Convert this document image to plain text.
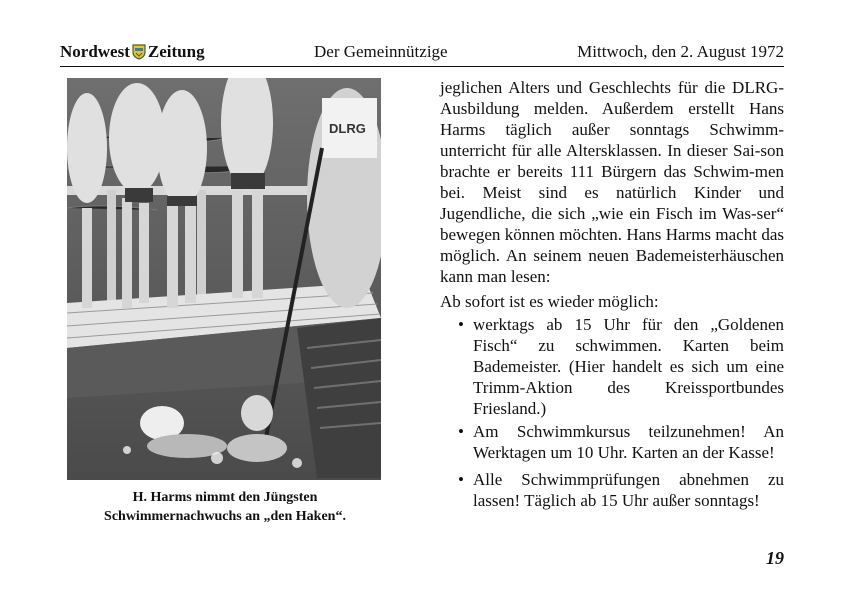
Nordwest Zeitung	Der Gemeinnützige	Mittwoch, den 2. August 1972
DLRG
H. Harms nimmt den Jüngsten
Schwimmernachwuchs an „den Haken“.

jeglichen Alters und Geschlechts für die DLRG-Ausbildung melden. Außerdem erstellt Hans Harms täglich außer sonntags Schwimm-unterricht für alle Altersklassen. In dieser Sai-son brachte er bereits 111 Bürgern das Schwim-men bei. Meist sind es natürlich Kinder und Jugendliche, die sich „wie ein Fisch im Was-ser“ bewegen können möchten. Hans Harms macht das möglich. An seinem neuen Bademeisterhäuschen kann man lesen:

Ab sofort ist es wieder möglich:

• werktags ab 15 Uhr für den „Goldenen Fisch“ zu schwimmen. Karten beim Bademeister. (Hier handelt es sich um eine Trimm-Aktion des Kreissportbundes Friesland.)
• Am Schwimmkursus teilzunehmen! An Werktagen um 10 Uhr. Karten an der Kasse!
• Alle Schwimmprüfungen abnehmen zu lassen! Täglich ab 15 Uhr außer sonntags!
19
